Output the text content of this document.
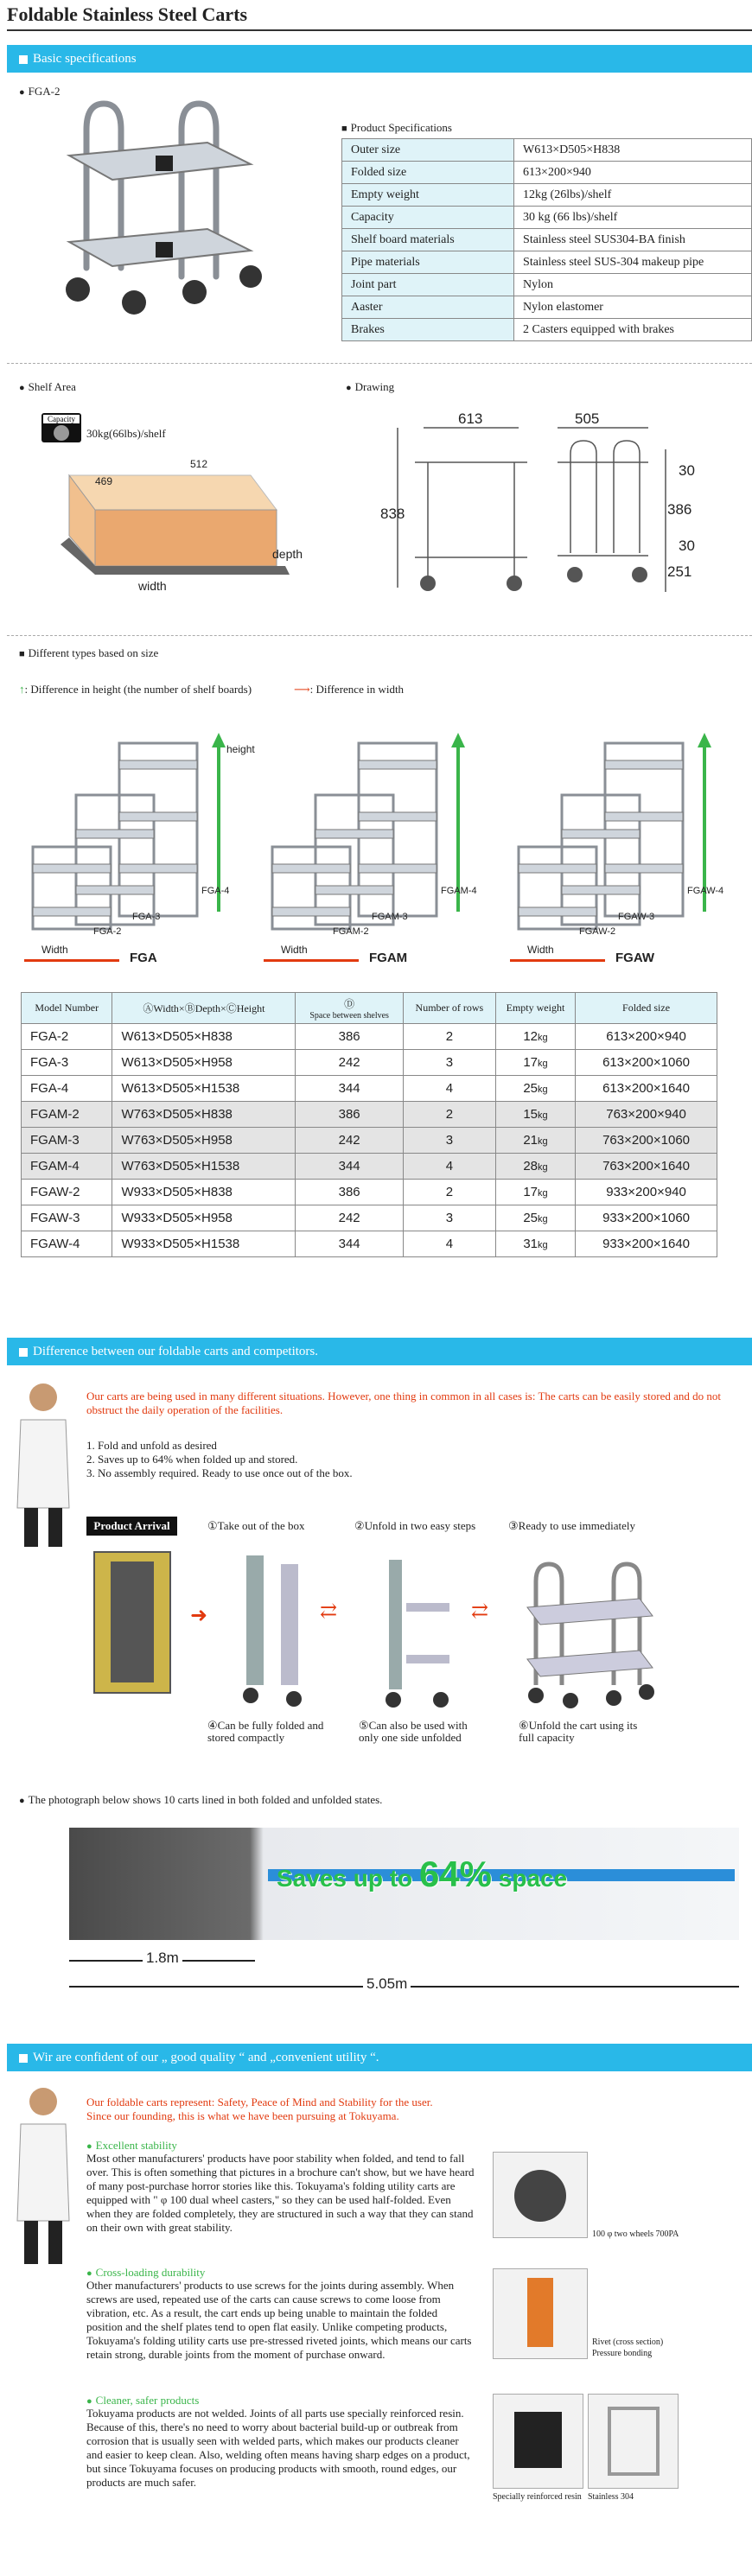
Foldable Stainless Steel Carts
Basic specifications
● FGA-2
■ Product Specifications
Outer size	W613×D505×H838
Folded size	613×200×940
Empty weight	12kg (26lbs)/shelf
Capacity	30 kg (66 lbs)/shelf
Shelf board materials	Stainless steel SUS304-BA finish
Pipe materials	Stainless steel SUS-304 makeup pipe
Joint part	Nylon
Aaster	Nylon elastomer
Brakes	2 Casters equipped with brakes
● Shelf Area	● Drawing
Capacity
30kg(66lbs)/shelf
469
512
depth
width
613	505
838
30
386
30
251
■ Different types based on size
↑: Difference in height (the number of shelf boards)	⟶: Difference in width
FGA-4
FGA-3
FGA-2
Width
FGA
FGAM-4
FGAM-3
FGAM-2
Width
FGAM
FGAW-4
FGAW-3
FGAW-2
Width
FGAW
height
Model Number	ⒶWidth×ⒷDepth×ⒸHeight	Ⓓ
Space between shelves	Number of rows	Empty weight	Folded size
FGA-2	W613×D505×H838	386	2	12kg	613×200×940
FGA-3	W613×D505×H958	242	3	17kg	613×200×1060
FGA-4	W613×D505×H1538	344	4	25kg	613×200×1640
FGAM-2	W763×D505×H838	386	2	15kg	763×200×940
FGAM-3	W763×D505×H958	242	3	21kg	763×200×1060
FGAM-4	W763×D505×H1538	344	4	28kg	763×200×1640
FGAW-2	W933×D505×H838	386	2	17kg	933×200×940
FGAW-3	W933×D505×H958	242	3	25kg	933×200×1060
FGAW-4	W933×D505×H1538	344	4	31kg	933×200×1640
Difference between our foldable carts and competitors.

Our carts are being used in many different situations. However, one thing in common in all cases is: The carts can be easily stored and do not obstruct the daily operation of the facilities.

1. Fold and unfold as desired
2. Saves up to 64% when folded up and stored.
3. No assembly required. Ready to use once out of the box.
Product Arrival	①Take out of the box	②Unfold in two easy steps	③Ready to use immediately
➜	⇄	⇄
④Can be fully folded and stored compactly
⑤Can also be used with only one side unfolded
⑥Unfold the cart using its full capacity
● The photograph below shows 10 carts lined in both folded and unfolded states.
Saves up to 64% space
1.8m
5.05m
Wir are confident of our „ good quality “ and „convenient utility “.
Our foldable carts represent: Safety, Peace of Mind and Stability for the user.
Since our founding, this is what we have been pursuing at Tokuyama.
● Excellent stability

Most other manufacturers' products have poor stability when folded, and tend to fall over. This is often something that pictures in a brochure can't show, but we have heard of many post-purchase horror stories like this. Tokuyama's folding utility carts are equipped with " φ 100 dual wheel casters," so they can be used half-folded. Even when they are folded completely, they are structured in such a way that they can stand on their own with great stability.

100 φ two wheels 700PA
● Cross-loading durability

Other manufacturers' products to use screws for the joints during assembly. When screws are used, repeated use of the carts can cause screws to come loose from vibration, etc. As a result, the cart ends up being unable to maintain the folded position and the shelf plates tend to open flat easily. Unlike competing products, Tokuyama's folding utility carts use pre-stressed riveted joints, which means our carts retain strong, durable joints from the moment of purchase onward.

Rivet (cross section)
Pressure bonding
● Cleaner, safer products

Tokuyama products are not welded. Joints of all parts use specially reinforced resin. Because of this, there's no need to worry about bacterial build-up or outbreak from corrosion that is usually seen with welded parts, which makes our products cleaner and easier to keep clean. Also, welding often means having sharp edges on a product, but since Tokuyama focuses on producing products with smooth, round edges, our products are much safer.

Specially reinforced resin Stainless 304
